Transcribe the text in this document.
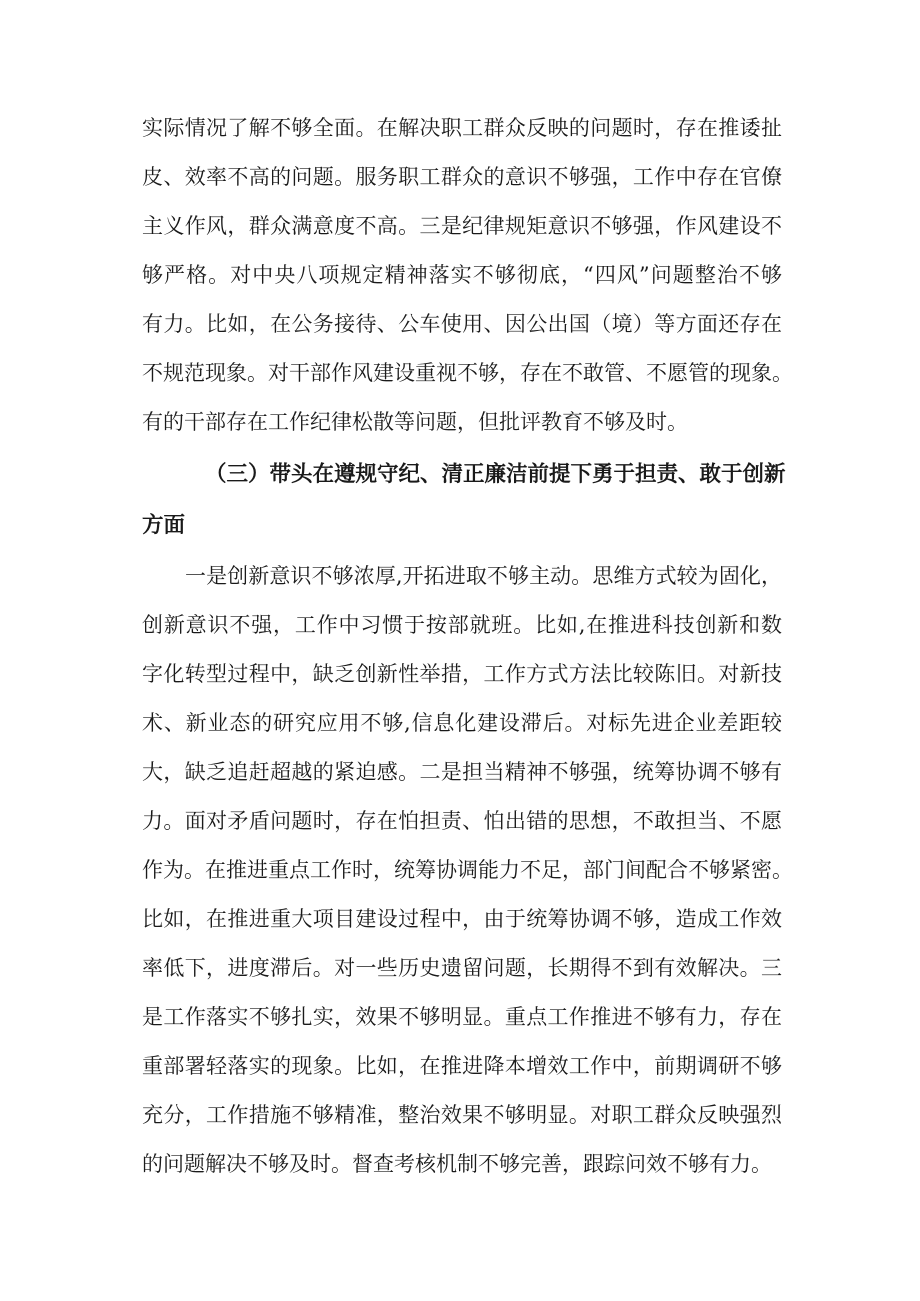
实际情况了解不够全面。在解决职工群众反映的问题时，存在推诿扯
皮、效率不高的问题。服务职工群众的意识不够强，工作中存在官僚
主义作风，群众满意度不高。三是纪律规矩意识不够强，作风建设不
够严格。对中央八项规定精神落实不够彻底，“四风”问题整治不够
有力。比如，在公务接待、公车使用、因公出国（境）等方面还存在
不规范现象。对干部作风建设重视不够，存在不敢管、不愿管的现象。
有的干部存在工作纪律松散等问题，但批评教育不够及时。
（三）带头在遵规守纪、清正廉洁前提下勇于担责、敢于创新
方面
一是创新意识不够浓厚,开拓进取不够主动。思维方式较为固化，
创新意识不强，工作中习惯于按部就班。比如,在推进科技创新和数
字化转型过程中，缺乏创新性举措，工作方式方法比较陈旧。对新技
术、新业态的研究应用不够,信息化建设滞后。对标先进企业差距较
大，缺乏追赶超越的紧迫感。二是担当精神不够强，统筹协调不够有
力。面对矛盾问题时，存在怕担责、怕出错的思想，不敢担当、不愿
作为。在推进重点工作时，统筹协调能力不足，部门间配合不够紧密。
比如，在推进重大项目建设过程中，由于统筹协调不够，造成工作效
率低下，进度滞后。对一些历史遗留问题，长期得不到有效解决。三
是工作落实不够扎实，效果不够明显。重点工作推进不够有力，存在
重部署轻落实的现象。比如，在推进降本增效工作中，前期调研不够
充分，工作措施不够精准，整治效果不够明显。对职工群众反映强烈
的问题解决不够及时。督查考核机制不够完善，跟踪问效不够有力。
